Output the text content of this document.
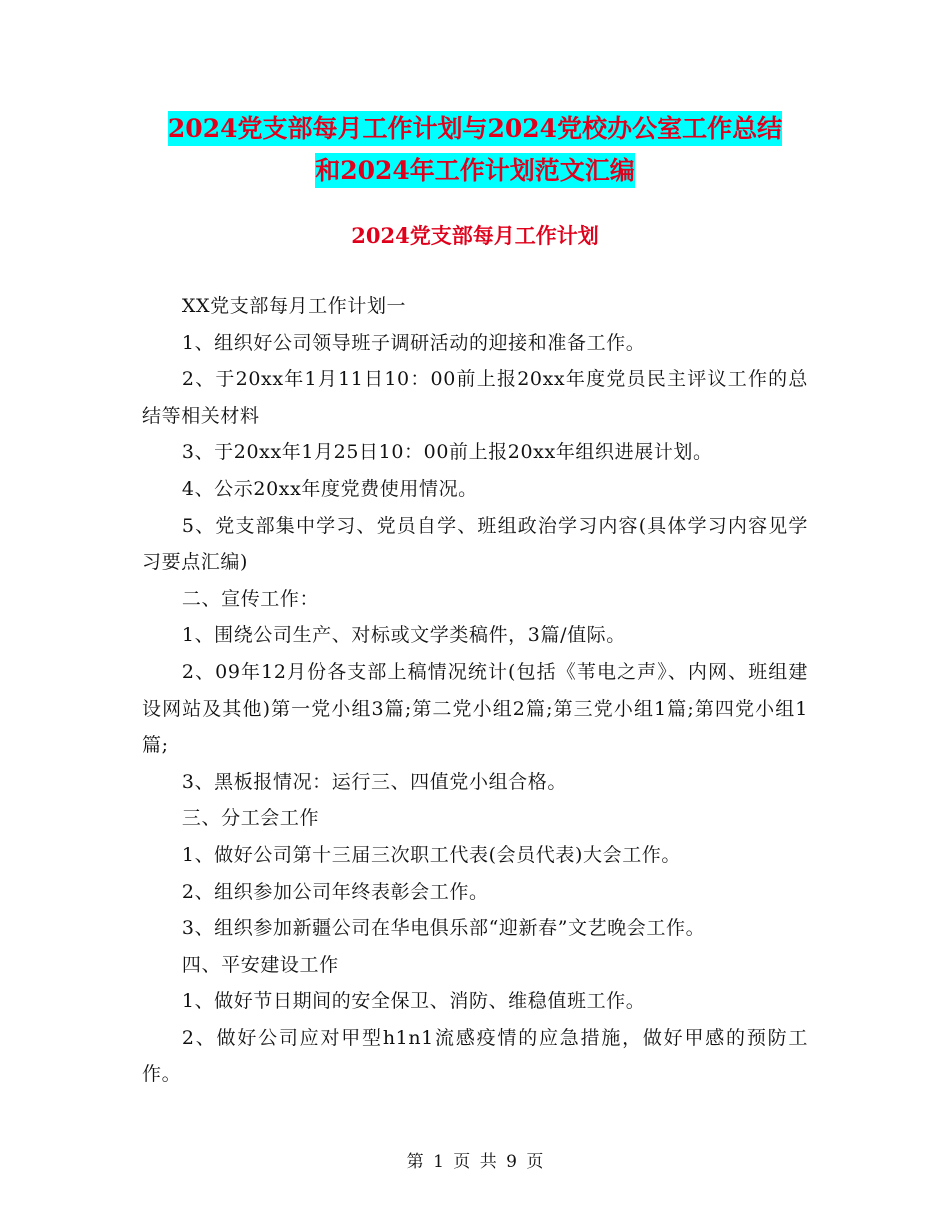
2024党支部每月工作计划与2024党校办公室工作总结
和2024年工作计划范文汇编
2024党支部每月工作计划

XX党支部每月工作计划一

1、组织好公司领导班子调研活动的迎接和准备工作。

2、于20xx年1月11日10：00前上报20xx年度党员民主评议工作的总结等相关材料

3、于20xx年1月25日10：00前上报20xx年组织进展计划。

4、公示20xx年度党费使用情况。

5、党支部集中学习、党员自学、班组政治学习内容(具体学习内容见学习要点汇编)

二、宣传工作：

1、围绕公司生产、对标或文学类稿件，3篇/值际。

2、09年12月份各支部上稿情况统计(包括《苇电之声》、内网、班组建设网站及其他)第一党小组3篇;第二党小组2篇;第三党小组1篇;第四党小组1篇;

3、黑板报情况：运行三、四值党小组合格。

三、分工会工作

1、做好公司第十三届三次职工代表(会员代表)大会工作。

2、组织参加公司年终表彰会工作。

3、组织参加新疆公司在华电俱乐部“迎新春”文艺晚会工作。

四、平安建设工作

1、做好节日期间的安全保卫、消防、维稳值班工作。

2、做好公司应对甲型h1n1流感疫情的应急措施，做好甲感的预防工作。

第 1 页 共 9 页
